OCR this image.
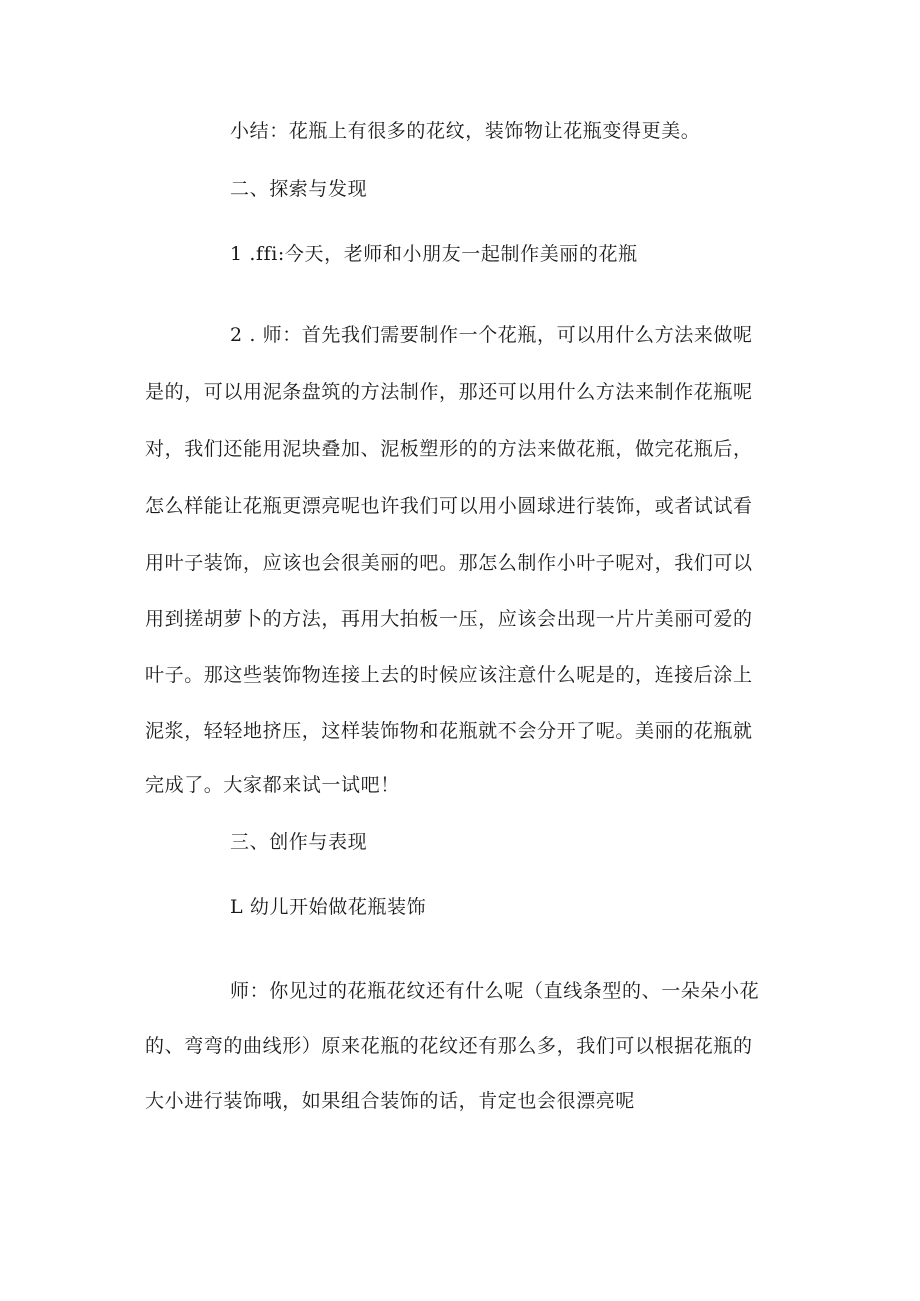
小结：花瓶上有很多的花纹，装饰物让花瓶变得更美。
二、探索与发现
1 .ffi:今天，老师和小朋友一起制作美丽的花瓶
2 . 师：首先我们需要制作一个花瓶，可以用什么方法来做呢
是的，可以用泥条盘筑的方法制作，那还可以用什么方法来制作花瓶呢
对，我们还能用泥块叠加、泥板塑形的的方法来做花瓶，做完花瓶后，
怎么样能让花瓶更漂亮呢也许我们可以用小圆球进行装饰，或者试试看
用叶子装饰，应该也会很美丽的吧。那怎么制作小叶子呢对，我们可以
用到搓胡萝卜的方法，再用大拍板一压，应该会出现一片片美丽可爱的
叶子。那这些装饰物连接上去的时候应该注意什么呢是的，连接后涂上
泥浆，轻轻地挤压，这样装饰物和花瓶就不会分开了呢。美丽的花瓶就
完成了。大家都来试一试吧！
三、创作与表现
L 幼儿开始做花瓶装饰
师：你见过的花瓶花纹还有什么呢（直线条型的、一朵朵小花
的、弯弯的曲线形）原来花瓶的花纹还有那么多，我们可以根据花瓶的
大小进行装饰哦，如果组合装饰的话，肯定也会很漂亮呢
